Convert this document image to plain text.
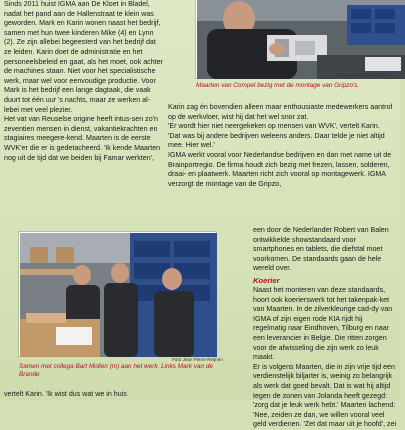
Sinds 2011 huist IGMA aan De Kloet in Bladel, nadat het pand aan de Hallenstraat te klein was geworden. Mark en Karin wonen naast het bedrijf, samen met hun twee kinderen Mike (4) en Lynn (2). Ze zijn allebei begeesterd van het bedrijf dat ze leiden. Karin doet de administratie en het personeelsbeleid en gaat, als het moet, ook achter de machines staan. Niet voor het specialistische werk, maar wel voor eenvoudige productie. Voor Mark is het bedrijf een lange dagtaak, die vaak duurt tot één uur 's nachts, maar ze werken al-lebei met veel plezier.

Het vat van Reuselse origine heeft intus-sen zo'n zeventien mensen in dienst, vakantiekrachten en stagiaires meegere-kend. Maarten is de eerste WVK'er die er is gedetacheerd. 'Ik kende Maarten nog uit de tijd dat we beiden bij Famar werkten',

Foto Jean Pierre Reijnen
Maarten van Compel bezig met de montage van Gripzo's.

Karin zag én bovendien alleen maar enthousiaste medewerkers aantrof op de werkvloer, wist hij dat het wel snor zat.

'Er wordt hier niet neergekeken op mensen van WVK', vertelt Karin. 'Dat was bij andere bedrijven weleens anders. Daar telde je niet altijd mee. Hier wel.'

IGMA werkt vooral voor Nederlandse bedrijven en dan met name uit de Brainportregio. De firma houdt zich bezig met frezen, lassen, solderen, draai- en plaatwerk. Maarten richt zich vooral op montagewerk. IGMA verzorgt de montage van de Gripzo,

Foto Jean Pierre Reijnen
Samen met collega Bart Mollen (m) aan het werk. Links Mark van de Brande

een door de Nederlander Robert van Balen ontwikkelde showstandaard voor smartphones en tablets, die diefstal moet voorkomen. De standaards gaan de hele wereld over.

Koerier

Naast het monteren van deze standaards, hoort ook koerierswerk tot het takenpak-ket van Maarten. In de zilverkleurige cad-dy van IGMA of zijn eigen rode KIA rijdt hij regelmatig naar Eindhoven, Tilburg en naar een leverancier in Belgie. Die ritten zorgen voor de afwisseling die zijn werk zo leuk maakt.

Er is volgens Maarten, die in zijn vrije tijd een verdienstelijk biljarter is, weinig zo belangrijk als werk dat goed bevalt. Dat is wat hij altijd tegen de zonen van Jolanda heeft gezegd: 'zorg dat je leuk werk hebt.' Maarten lachend: 'Nee, zeiden ze dan, we willen vooral veel geld verdienen. 'Zet dat maar uit je hoofd', zei

vertelt Karin. 'Ik wist dus wat we in huis
